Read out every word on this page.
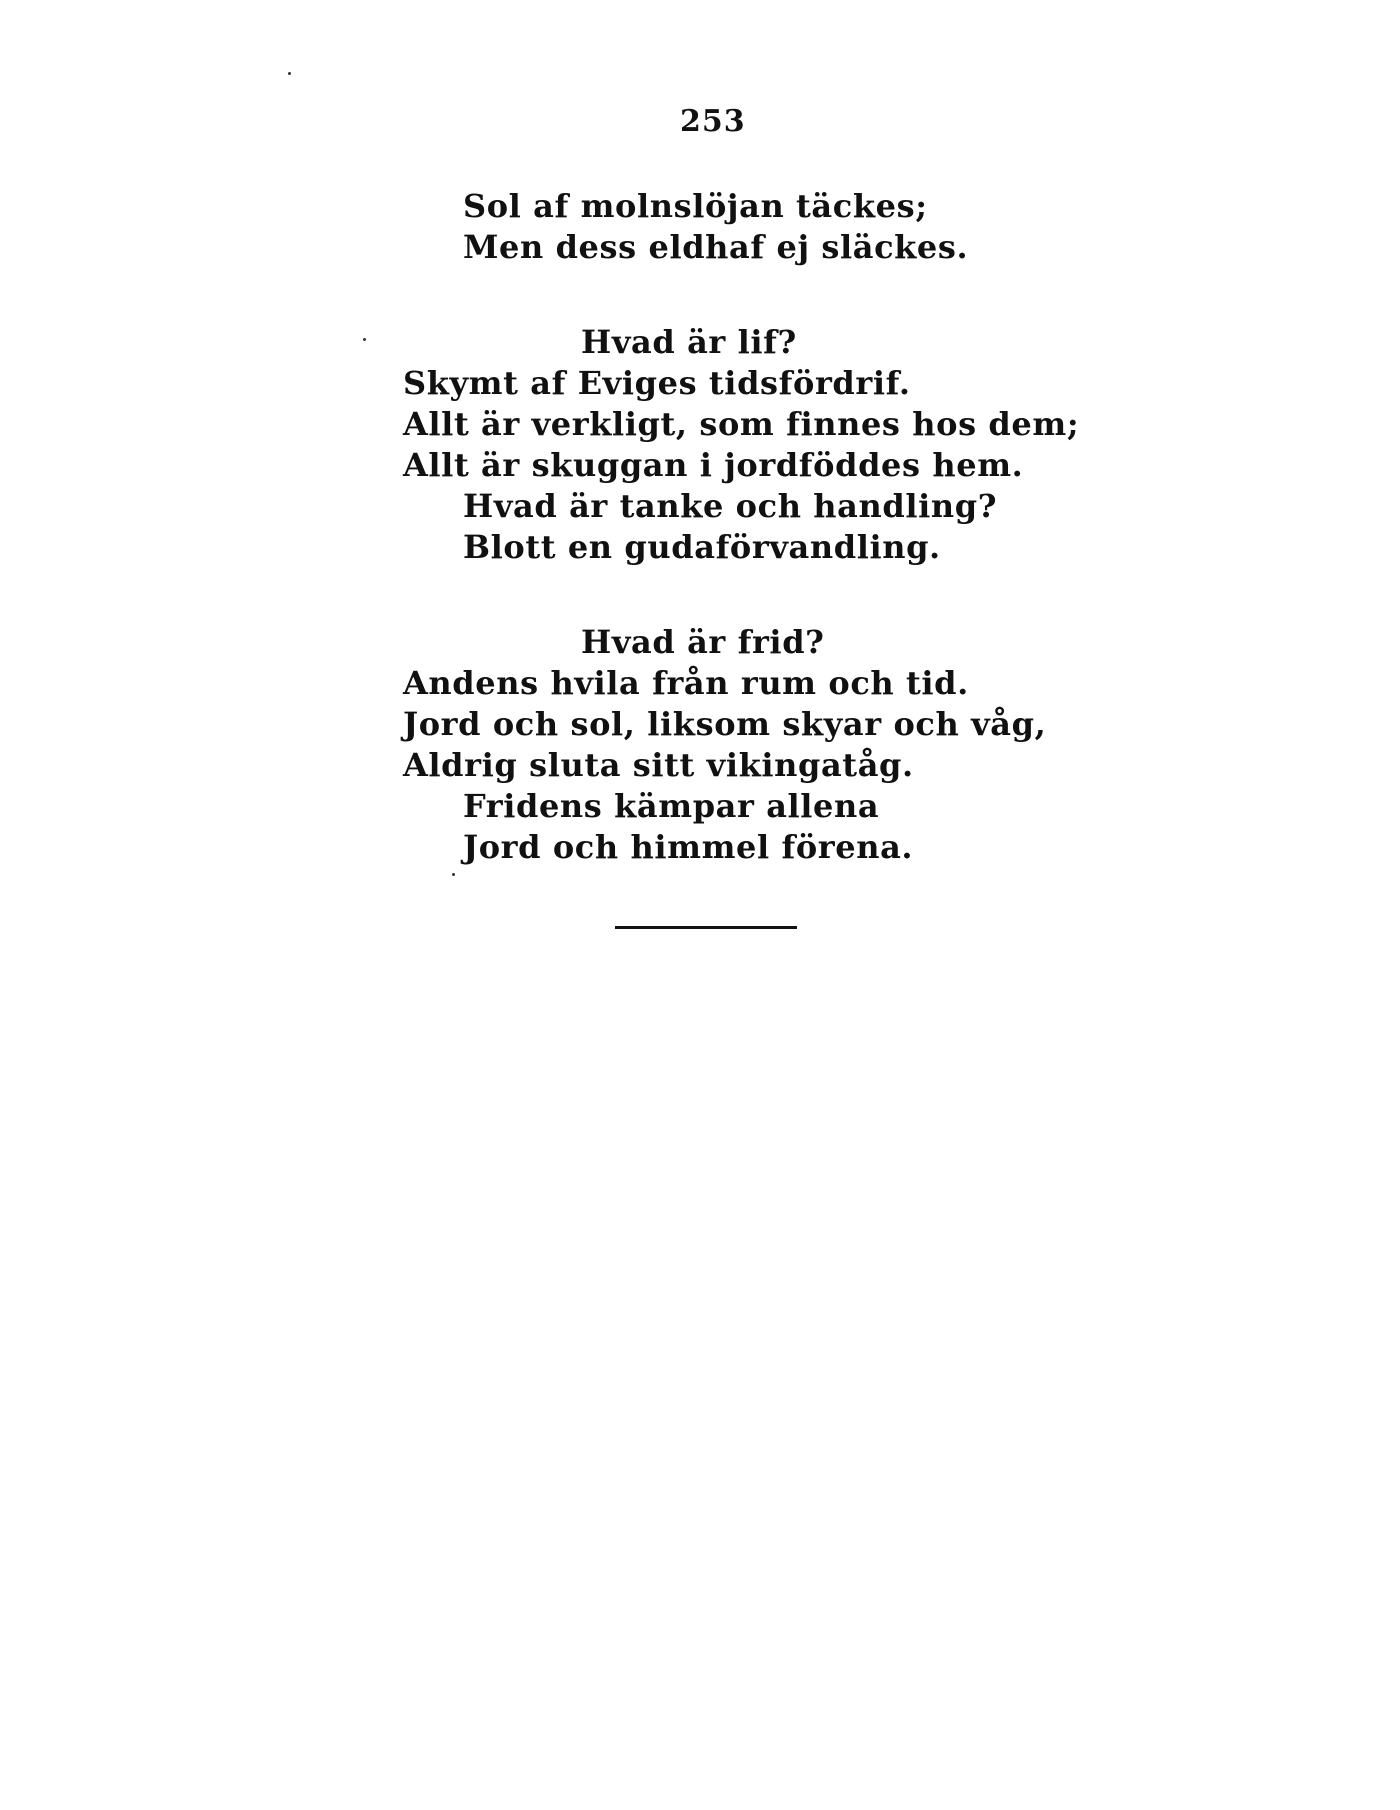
253
Sol af molnslöjan täckes;
Men dess eldhaf ej släckes.
Hvad är lif?
Skymt af Eviges tidsfördrif.
Allt är verkligt, som finnes hos dem;
Allt är skuggan i jordföddes hem.
Hvad är tanke och handling?
Blott en gudaförvandling.
Hvad är frid?
Andens hvila från rum och tid.
Jord och sol, liksom skyar och våg,
Aldrig sluta sitt vikingatåg.
Fridens kämpar allena
Jord och himmel förena.
